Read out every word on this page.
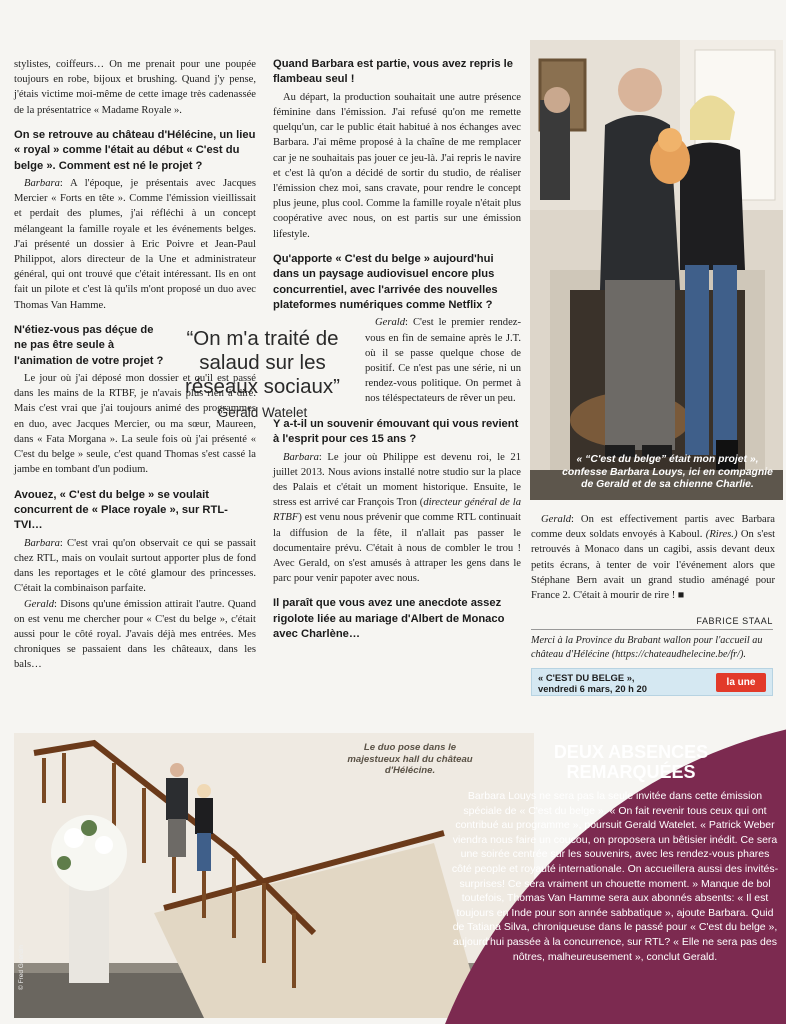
stylistes, coiffeurs… On me prenait pour une poupée toujours en robe, bijoux et brushing. Quand j'y pense, j'étais victime moi-même de cette image très cadenassée de la présentatrice « Madame Royale ».

On se retrouve au château d'Hélécine, un lieu « royal » comme l'était au début « C'est du belge ». Comment est né le projet ?

Barbara: A l'époque, je présentais avec Jacques Mercier « Forts en tête ». Comme l'émission vieillissait et perdait des plumes, j'ai réfléchi à un concept mélangeant la famille royale et les événements belges. J'ai présenté un dossier à Eric Poivre et Jean-Paul Philippot, alors directeur de la Une et administrateur général, qui ont trouvé que c'était intéressant. Ils en ont fait un pilote et c'est là qu'ils m'ont proposé un duo avec Thomas Van Hamme.

N'étiez-vous pas déçue de ne pas être seule à l'animation de votre projet ?

Le jour où j'ai déposé mon dossier et qu'il est passé dans les mains de la RTBF, je n'avais plus rien à dire. Mais c'est vrai que j'ai toujours animé des programmes en duo, avec Jacques Mercier, ou ma sœur, Maureen, dans « Fata Morgana ». La seule fois où j'ai présenté « C'est du belge » seule, c'est quand Thomas s'est cassé la jambe en tombant d'un podium.

Avouez, « C'est du belge » se voulait concurrent de « Place royale », sur RTL-TVI…

Barbara: C'est vrai qu'on observait ce qui se passait chez RTL, mais on voulait surtout apporter plus de fond dans les reportages et le côté glamour des princesses. C'était la combinaison parfaite.

Gerald: Disons qu'une émission attirait l'autre. Quand on est venu me chercher pour « C'est du belge », c'était aussi pour le côté royal. J'avais déjà mes entrées. Mes chroniques se passaient dans les châteaux, dans les bals…

“On m'a traité de salaud sur les réseaux sociaux”
Gerald Watelet
Quand Barbara est partie, vous avez repris le flambeau seul !

Au départ, la production souhaitait une autre présence féminine dans l'émission. J'ai refusé qu'on me remette quelqu'un, car le public était habitué à nos échanges avec Barbara. J'ai même proposé à la chaîne de me remplacer car je ne souhaitais pas jouer ce jeu-là. J'ai repris le navire et c'est là qu'on a décidé de sortir du studio, de réaliser l'émission chez moi, sans cravate, pour rendre le concept plus jeune, plus cool. Comme la famille royale n'était plus coopérative avec nous, on est partis sur une émission lifestyle.

Qu'apporte « C'est du belge » aujourd'hui dans un paysage audiovisuel encore plus concurrentiel, avec l'arrivée des nouvelles plateformes numériques comme Netflix ?

Gerald: C'est le premier rendez-vous en fin de semaine après le J.T. où il se passe quelque chose de positif. Ce n'est pas une série, ni un rendez-vous politique. On permet à nos téléspectateurs de rêver un peu.

Y a-t-il un souvenir émouvant qui vous revient à l'esprit pour ces 15 ans ?

Barbara: Le jour où Philippe est devenu roi, le 21 juillet 2013. Nous avions installé notre studio sur la place des Palais et c'était un moment historique. Ensuite, le stress est arrivé car François Tron (directeur général de la RTBF) est venu nous prévenir que comme RTL continuait la diffusion de la fête, il n'allait pas passer le documentaire prévu. C'était à nous de combler le trou ! Avec Gerald, on s'est amusés à attraper les gens dans le parc pour venir papoter avec nous.

Il paraît que vous avez une anecdote assez rigolote liée au mariage d'Albert de Monaco avec Charlène…
« “C'est du belge” était mon projet », confesse Barbara Louys, ici en compagnie de Gerald et de sa chienne Charlie.

Gerald: On est effectivement partis avec Barbara comme deux soldats envoyés à Kaboul. (Rires.) On s'est retrouvés à Monaco dans un cagibi, assis devant deux petits écrans, à tenter de voir l'événement alors que Stéphane Bern avait un grand studio aménagé pour France 2. C'était à mourir de rire ! ■

FABRICE STAAL
Merci à la Province du Brabant wallon pour l'accueil au château d'Hélécine (https://chateaudhelecine.be/fr/).
« C'EST DU BELGE »,
vendredi 6 mars, 20 h 20
la une
Le duo pose dans le majestueux hall du château d'Hélécine.
© Fred Guerdin
DEUX ABSENCES REMARQUÉES
Barbara Louys ne sera pas la seule invitée dans cette émission spéciale de « C'est du belge ». « On fait revenir tous ceux qui ont contribué au programme », poursuit Gerald Watelet. « Patrick Weber viendra nous faire un coucou, on proposera un bêtisier inédit. Ce sera une soirée centrée sur les souvenirs, avec les rendez-vous phares côté people et royauté internationale. On accueillera aussi des invités-surprises! Ce sera vraiment un chouette moment. » Manque de bol toutefois, Thomas Van Hamme sera aux abonnés absents: « Il est toujours en Inde pour son année sabbatique », ajoute Barbara. Quid de Tatiana Silva, chroniqueuse dans le passé pour « C'est du belge », aujourd'hui passée à la concurrence, sur RTL? « Elle ne sera pas des nôtres, malheureusement », conclut Gerald.
